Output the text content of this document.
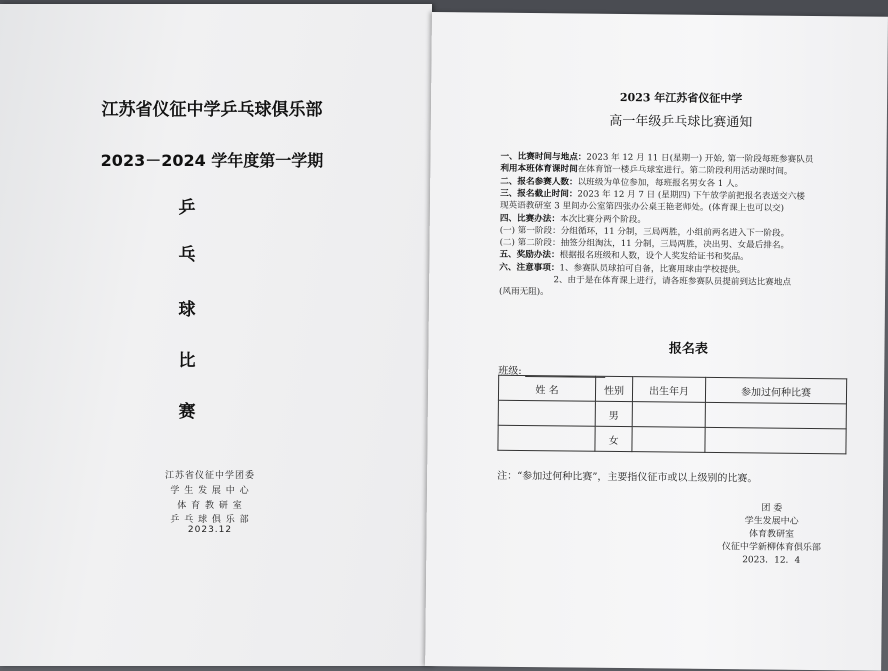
江苏省仪征中学乒乓球俱乐部
2023－2024 学年度第一学期
乒
乓
球
比
赛
江苏省仪征中学团委
学 生 发 展 中 心
体 育 教 研 室
乒 乓 球 俱 乐 部
2023.12
2023 年江苏省仪征中学
高一年级乒乓球比赛通知
一、比赛时间与地点：2023 年 12 月 11 日(星期一) 开始, 第一阶段每班参赛队员
利用本班体育课时间在体育馆一楼乒乓球室进行。第二阶段利用活动课时间。
二、报名参赛人数：以班级为单位参加，每班报名男女各 1 人。
三、报名截止时间：2023 年 12 月 7 日 (星期四) 下午放学前把报名表送交六楼
现英语教研室 3 里间办公室第四张办公桌王艳老师处。(体育课上也可以交)
四、比赛办法：本次比赛分两个阶段。
(一) 第一阶段：分组循环，11 分制，三局两胜，小组前两名进入下一阶段。
(二) 第二阶段：抽签分组淘汰，11 分制，三局两胜，决出男、女最后排名。
五、奖励办法：根据报名班级和人数，设个人奖发给证书和奖品。
六、注意事项：1、参赛队员球拍可自备，比赛用球由学校提供。
　　　　　　 2、由于是在体育课上进行，请各班参赛队员提前到达比赛地点
(风雨无阻)。
报名表
班级:
姓 名	性别	出生年月	参加过何种比赛
	男		
	女		
注：“参加过何种比赛”，主要指仪征市或以上级别的比赛。
团 委
学生发展中心
体育教研室
仪征中学新柳体育俱乐部
2023．12．4
